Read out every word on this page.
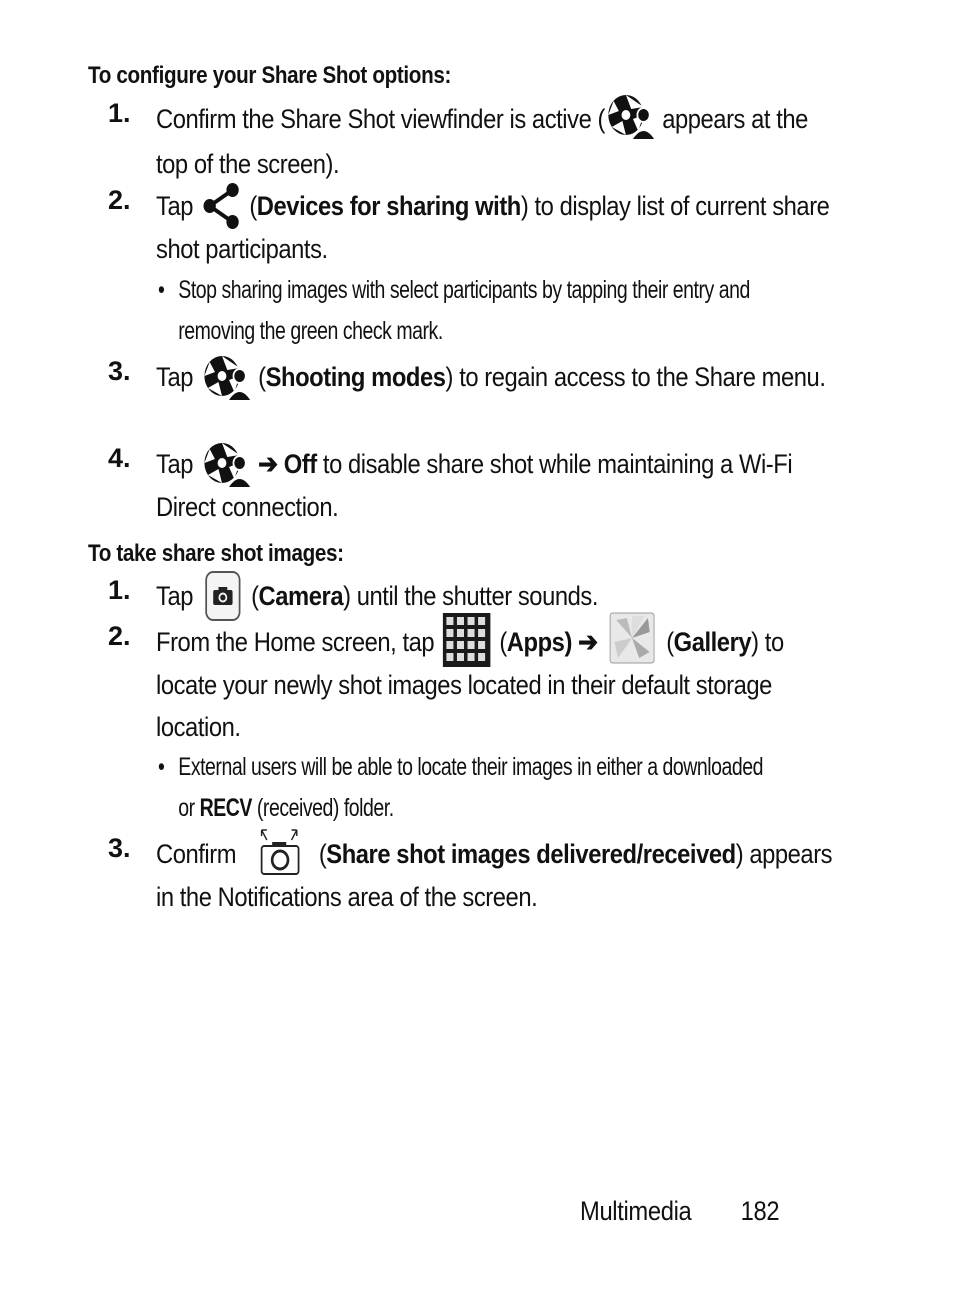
To configure your Share Shot options:
1. Confirm the Share Shot viewfinder is active (
appears at the top of the screen).
2. Tap
(Devices for sharing with) to display list of current share shot participants.
• Stop sharing images with select participants by tapping their entry and removing the green check mark.
3. Tap
(Shooting modes) to regain access to the Share menu.
4. Tap
➔ Off to disable share shot while maintaining a Wi-Fi Direct connection.
To take share shot images:
1. Tap
(Camera) until the shutter sounds.
2. From the Home screen, tap
(Apps) ➔
(Gallery) to locate your newly shot images located in their default storage location.
• External users will be able to locate their images in either a downloaded or RECV (received) folder.
3. Confirm	(Share shot images delivered/received) appears in the Notifications area of the screen.
Multimedia 182
